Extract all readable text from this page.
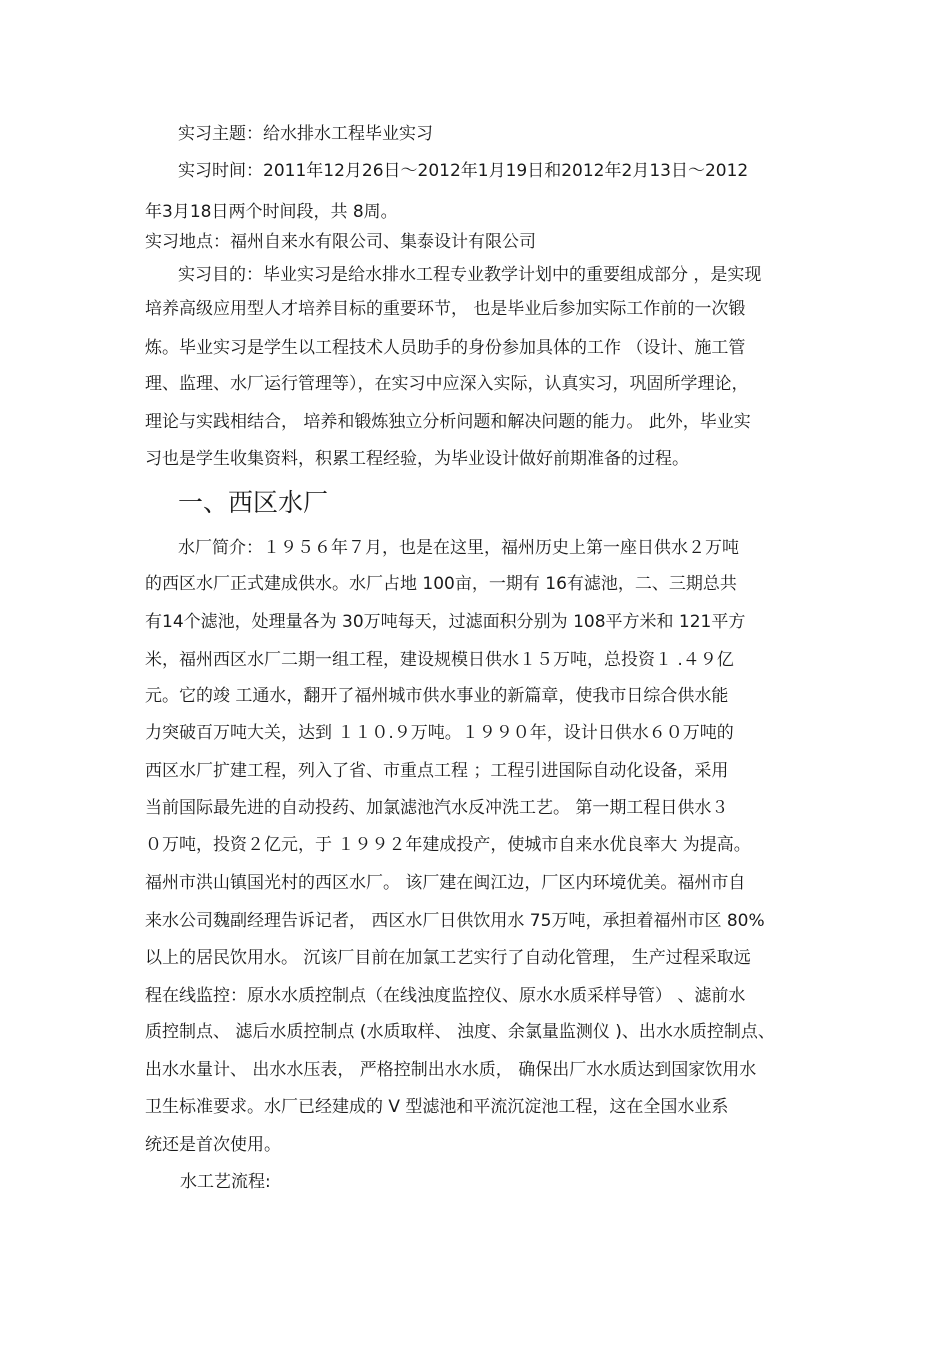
实习主题：给水排水工程毕业实习

实习时间：2011年12月26日～2012年1月19日和2012年2月13日～2012

年3月18日两个时间段，共 8周。

实习地点：福州自来水有限公司、集泰设计有限公司

实习目的：毕业实习是给水排水工程专业教学计划中的重要组成部分 ，是实现

培养高级应用型人才培养目标的重要环节， 也是毕业后参加实际工作前的一次锻

炼。毕业实习是学生以工程技术人员助手的身份参加具体的工作 （设计、施工管

理、监理、水厂运行管理等），在实习中应深入实际，认真实习，巩固所学理论，

理论与实践相结合， 培养和锻炼独立分析问题和解决问题的能力。 此外，毕业实

习也是学生收集资料，积累工程经验，为毕业设计做好前期准备的过程。

一、西区水厂

水厂简介：１９５６年７月，也是在这里，福州历史上第一座日供水２万吨

的西区水厂正式建成供水。水厂占地 100亩，一期有 16有滤池，二、三期总共

有14个滤池，处理量各为 30万吨每天，过滤面积分别为 108平方米和 121平方

米，福州西区水厂二期一组工程，建设规模日供水１５万吨，总投资１ .４９亿

元。它的竣 工通水，翻开了福州城市供水事业的新篇章，使我市日综合供水能

力突破百万吨大关，达到 １１０.９万吨。１９９０年，设计日供水６０万吨的

西区水厂扩建工程，列入了省、市重点工程 ；工程引进国际自动化设备，采用

当前国际最先进的自动投药、加氯滤池汽水反冲洗工艺。 第一期工程日供水３

０万吨，投资２亿元，于 １９９２年建成投产，使城市自来水优良率大 为提高。

福州市洪山镇国光村的西区水厂。 该厂建在闽江边，厂区内环境优美。福州市自

来水公司魏副经理告诉记者， 西区水厂日供饮用水 75万吨，承担着福州市区 80%

以上的居民饮用水。 沉该厂目前在加氯工艺实行了自动化管理， 生产过程采取远

程在线监控：原水水质控制点（在线浊度监控仪、原水水质采样导管） 、滤前水

质控制点、 滤后水质控制点 (水质取样、 浊度、余氯量监测仪 )、出水水质控制点、

出水水量计、 出水水压表， 严格控制出水水质， 确保出厂水水质达到国家饮用水

卫生标准要求。水厂已经建成的 V 型滤池和平流沉淀池工程，这在全国水业系

统还是首次使用。

水工艺流程:
